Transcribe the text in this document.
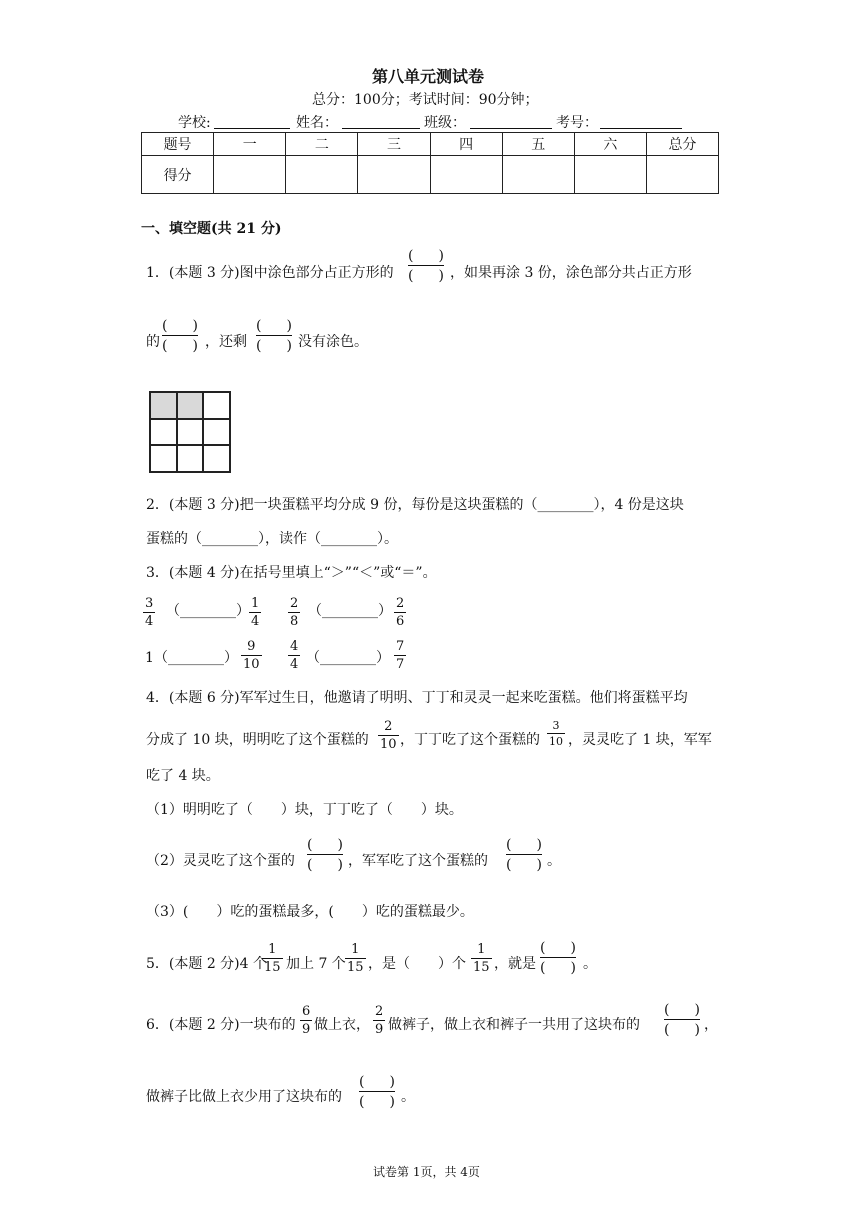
第八单元测试卷
总分：100分；考试时间：90分钟；
学校:	姓名：	班级：	考号：
题号	一	二	三	四	五	六	总分
得分							
一、填空题(共 21 分)
1．(本题 3 分)图中涂色部分占正方形的
( )
( ) ，如果再涂 3 份，涂色部分共占正方形
的
( )
( ) ，还剩
( )
( ) 没有涂色。
2．(本题 3 分)把一块蛋糕平均分成 9 份，每份是这块蛋糕的（________），4 份是这块
蛋糕的（________），读作（________）。
3．(本题 4 分)在括号里填上“＞”“＜”或“＝”。
3
4
（________） 1
4
2
8
（________） 2
6
1 （________）
9
10
4
4 （________）
7
7
4．(本题 6 分)军军过生日，他邀请了明明、丁丁和灵灵一起来吃蛋糕。他们将蛋糕平均
分成了 10 块，明明吃了这个蛋糕的
2
10 ，丁丁吃了这个蛋糕的
3
10 ，灵灵吃了 1 块，军军
吃了 4 块。
（1）明明吃了（　　）块，丁丁吃了（　　）块。
（2）灵灵吃了这个蛋的
( )
( ) ，军军吃了这个蛋糕的
( )
( ) 。
（3）(　　）吃的蛋糕最多，(　　）吃的蛋糕最少。
5．(本题 2 分)4 个
1
15 加上 7 个
1
15 ，是（　　）个
1
15 ，就是
( )
( ) 。
6．(本题 2 分)一块布的
6
9 做上衣，
2
9 做裤子，做上衣和裤子一共用了这块布的
( )
( ) ，
做裤子比做上衣少用了这块布的
( )
( ) 。
试卷第 1页，共 4页
